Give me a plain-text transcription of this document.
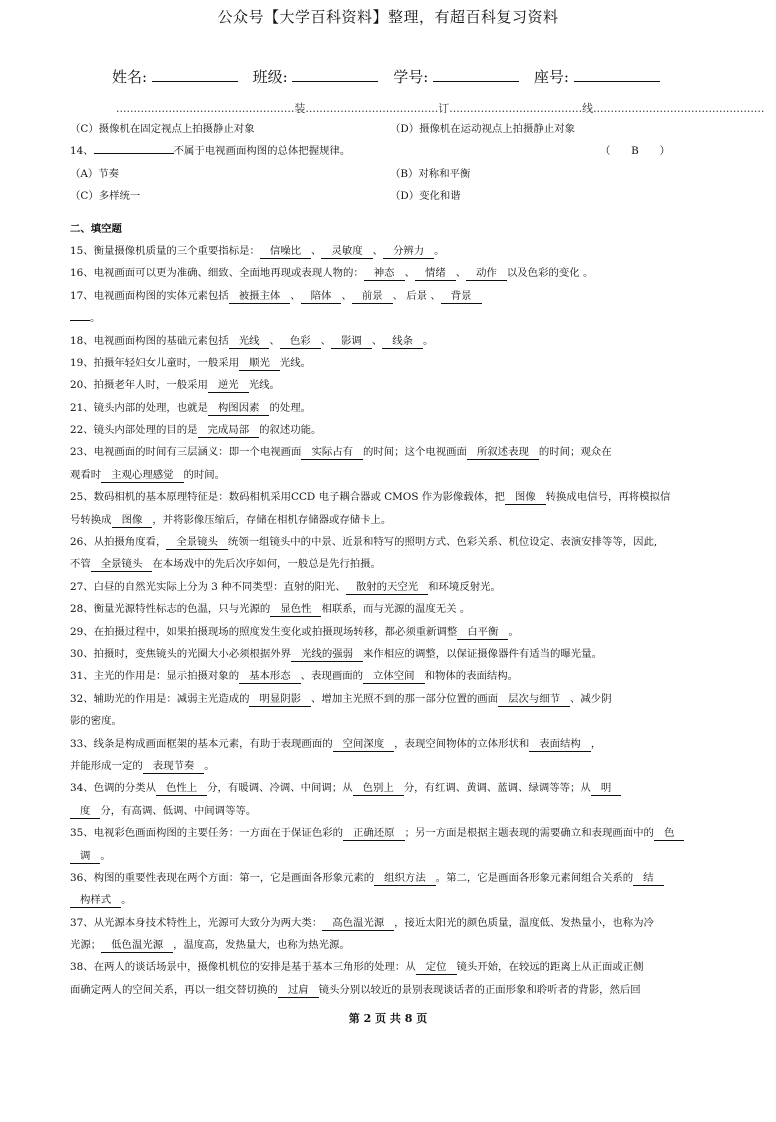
公众号【大学百科资料】整理，有超百科复习资料
姓名:	班级:	学号:	座号:
...................................................装......................................订......................................线.................................................
（C）摄像机在固定视点上拍摄静止对象	（D）摄像机在运动视点上拍摄静止对象
14、	不属于电视画面构图的总体把握规律。	（　　B　　）
（A）节奏	（B）对称和平衡
（C）多样统一	（D）变化和谐
二、填空题
15、衡量摄像机质量的三个重要指标是： 信噪比 、 灵敏度 、 分辨力 。
16、电视画面可以更为准确、细致、全面地再现或表现人物的： 神态 、 情绪 、 动作 以及色彩的变化 。
17、电视画面构图的实体元素包括 被摄主体 、 陪体 、 前景 、 后景 、 背景
。
18、电视画面构图的基础元素包括 光线 、 色彩 、 影调 、 线条 。
19、拍摄年轻妇女儿童时，一般采用 顺光 光线。
20、拍摄老年人时，一般采用 逆光 光线。
21、镜头内部的处理，也就是 构图因素 的处理。
22、镜头内部处理的目的是 完成局部 的叙述功能。
23、电视画面的时间有三层涵义：即一个电视画面 实际占有 的时间；这个电视画面 所叙述表现 的时间；观众在
观看时 主观心理感觉 的时间。
25、数码相机的基本原理特征是：数码相机采用CCD 电子耦合器或 CMOS 作为影像载体，把 图像 转换成电信号，再将模拟信
号转换成 图像 ，并将影像压缩后，存储在相机存储器或存储卡上。
26、从拍摄角度看， 全景镜头 统领一组镜头中的中景、近景和特写的照明方式、色彩关系、机位设定、表演安排等等，因此,
不管 全景镜头 在本场戏中的先后次序如何，一般总是先行拍摄。
27、白昼的自然光实际上分为 3 种不同类型：直射的阳光、 散射的天空光 和环境反射光。
28、衡量光源特性标志的色温，只与光源的 显色性 相联系，而与光源的温度无关 。
29、在拍摄过程中，如果拍摄现场的照度发生变化或拍摄现场转移，都必须重新调整 白平衡 。
30、拍摄时，变焦镜头的光圈大小必须根据外界 光线的强弱 来作相应的调整，以保证摄像器件有适当的曝光量。
31、主光的作用是：显示拍摄对象的 基本形态 、表现画面的 立体空间 和物体的表面结构。
32、辅助光的作用是：减弱主光造成的 明显阴影 、增加主光照不到的那一部分位置的画面 层次与细节 、减少阴
影的密度。
33、线条是构成画面框架的基本元素，有助于表现画面的 空间深度 ，表现空间物体的立体形状和 表面结构 ，
并能形成一定的 表现节奏 。
34、色调的分类从 色性上 分，有暖调、冷调、中间调；从 色别上 分，有红调、黄调、蓝调、绿调等等；从 明
度 分，有高调、低调、中间调等等。
35、电视彩色画面构图的主要任务：一方面在于保证色彩的 正确还原 ；另一方面是根据主题表现的需要确立和表现画面中的 色
调 。
36、构图的重要性表现在两个方面：第一，它是画面各形象元素的 组织方法 。第二，它是画面各形象元素间组合关系的 结
构样式 。
37、从光源本身技术特性上，光源可大致分为两大类： 高色温光源 ，接近太阳光的颜色质量，温度低、发热量小，也称为冷
光源； 低色温光源 ，温度高，发热量大，也称为热光源。
38、在两人的谈话场景中，摄像机机位的安排是基于基本三角形的处理：从 定位 镜头开始，在较远的距离上从正面或正侧
面确定两人的空间关系，再以一组交替切换的 过肩 镜头分别以较近的景别表现谈话者的正面形象和聆听者的背影，然后回
第 2 页 共 8 页
